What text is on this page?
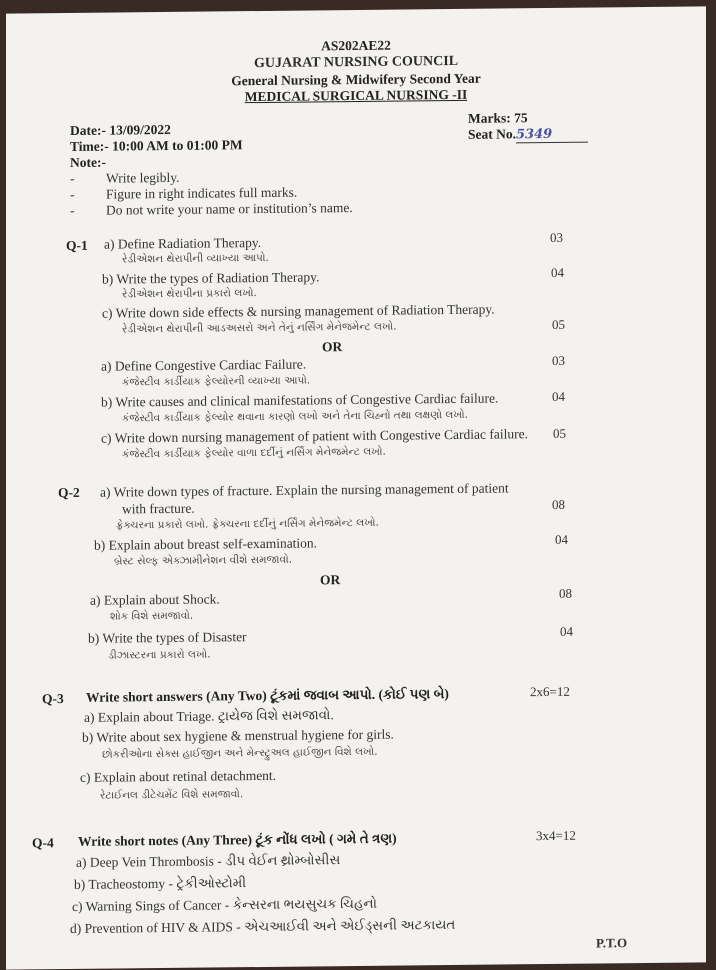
AS202AE22
GUJARAT NURSING COUNCIL
General Nursing & Midwifery Second Year
MEDICAL SURGICAL NURSING -II
Date:- 13/09/2022
Time:- 10:00 AM to 01:00 PM
Note:-
Marks: 75
Seat No.5349
- Write legibly.
- Figure in right indicates full marks.
- Do not write your name or institution’s name.
Q-1 a) Define Radiation Therapy.
રેડીએશન થેરાપીની વ્યાખ્યા આપો.
03
b) Write the types of Radiation Therapy.
રેડીએશન થેરાપીના પ્રકારો લખો.
04
c) Write down side effects & nursing management of Radiation Therapy.
રેડીએશન થેરાપીની આડઅસરો અને તેનું નર્સિંગ મેનેજમેન્ટ લખો.	05
OR
a) Define Congestive Cardiac Failure.
કંજેસ્ટીવ કાર્ડીયાક ફેલ્યોરની વ્યાખ્યા આપો.
03
b) Write causes and clinical manifestations of Congestive Cardiac failure.
કંજેસ્ટીવ કાર્ડીયાક ફેલ્યોર થવાના કારણો લખો અને તેના ચિહ્નો તથા લક્ષણો લખો.
04
c) Write down nursing management of patient with Congestive Cardiac failure.
કંજેસ્ટીવ કાર્ડીયાક ફેલ્યોર વાળા દર્દીનું નર્સિંગ મેનેજમેન્ટ લખો.
05
Q-2 a) Write down types of fracture. Explain the nursing management of patient
with fracture.
ફ્રેક્ચરના પ્રકારો લખો. ફ્રેક્ચરના દર્દીનું નર્સિંગ મેનેજમેન્ટ લખો.
08
b) Explain about breast self-examination.
બ્રેસ્ટ સેલ્ફ એક્ઝામીનેશન વીશે સમજાવો.
04
OR
a) Explain about Shock.
શોક વિશે સમજાવો.
08
b) Write the types of Disaster
ડીઝાસ્ટરના પ્રકારો લખો.
04
Q-3 Write short answers (Any Two) ટૂંકમાં જવાબ આપો. (કોઈ પણ બે)	2x6=12
a) Explain about Triage. ટ્રાયેજ વિશે સમજાવો.
b) Write about sex hygiene & menstrual hygiene for girls.
છોકરીઓના સેક્સ હાઈજીન અને મેન્સ્ટ્રુઅલ હાઈજીન વિશે લખો.
c) Explain about retinal detachment.
રેટાઈનલ ડીટેચમેંટ વિશે સમજાવો.
Q-4 Write short notes (Any Three) ટૂંક નોંધ લખો ( ગમે તે ત્રણ)	3x4=12
a) Deep Vein Thrombosis - ડીપ વેઈન થ્રોમ્બોસીસ
b) Tracheostomy - ટ્રેકીઓસ્ટોમી
c) Warning Sings of Cancer - કેન્સરના ભયસુચક ચિહનો
d) Prevention of HIV & AIDS - એચઆઈવી અને એઈડ્સની અટકાયત
P.T.O
